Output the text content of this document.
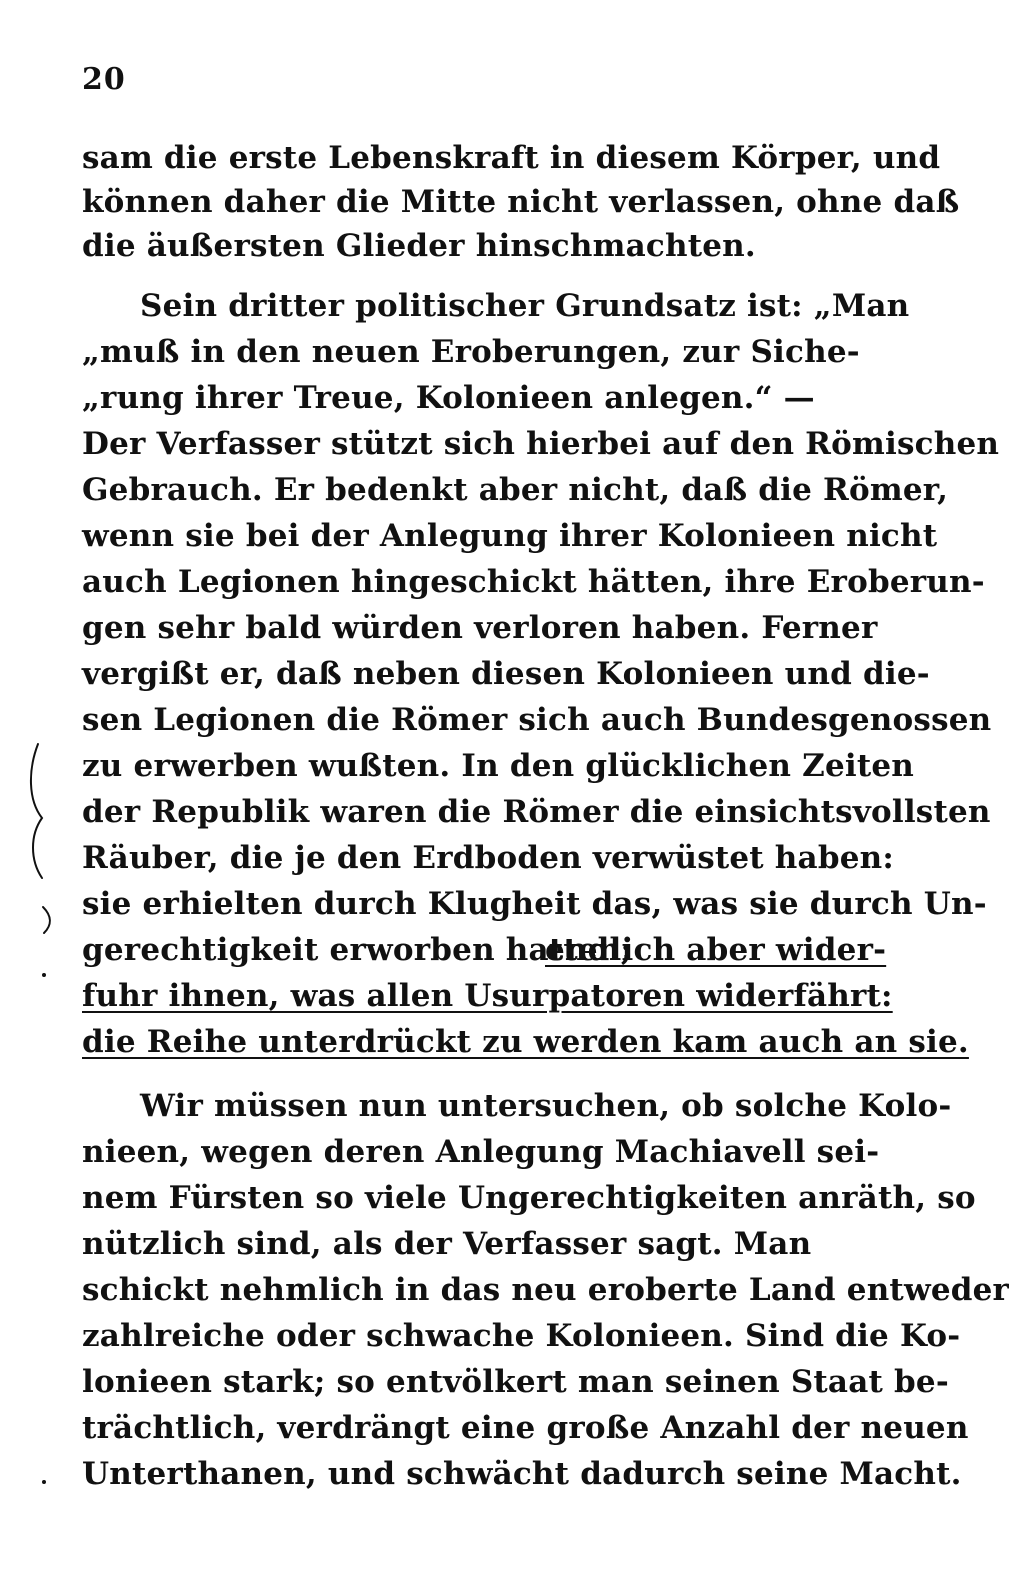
20
sam die erste Lebenskraft in diesem Körper, und
können daher die Mitte nicht verlassen, ohne daß
die äußersten Glieder hinschmachten.
Sein dritter politischer Grundsatz ist: „Man
„muß in den neuen Eroberungen, zur Siche-
„rung ihrer Treue, Kolonieen anlegen.“ —
Der Verfasser stützt sich hierbei auf den Römischen
Gebrauch. Er bedenkt aber nicht, daß die Römer,
wenn sie bei der Anlegung ihrer Kolonieen nicht
auch Legionen hingeschickt hätten, ihre Eroberun-
gen sehr bald würden verloren haben. Ferner
vergißt er, daß neben diesen Kolonieen und die-
sen Legionen die Römer sich auch Bundesgenossen
zu erwerben wußten. In den glücklichen Zeiten
der Republik waren die Römer die einsichtsvollsten
Räuber, die je den Erdboden verwüstet haben:
sie erhielten durch Klugheit das, was sie durch Un-
gerechtigkeit erworben hatten;
endlich aber wider-
fuhr ihnen, was allen Usurpatoren widerfährt:
die Reihe unterdrückt zu werden kam auch an sie.
Wir müssen nun untersuchen, ob solche Kolo-
nieen, wegen deren Anlegung Machiavell sei-
nem Fürsten so viele Ungerechtigkeiten anräth, so
nützlich sind, als der Verfasser sagt. Man
schickt nehmlich in das neu eroberte Land entweder
zahlreiche oder schwache Kolonieen. Sind die Ko-
lonieen stark; so entvölkert man seinen Staat be-
trächtlich, verdrängt eine große Anzahl der neuen
Unterthanen, und schwächt dadurch seine Macht.
